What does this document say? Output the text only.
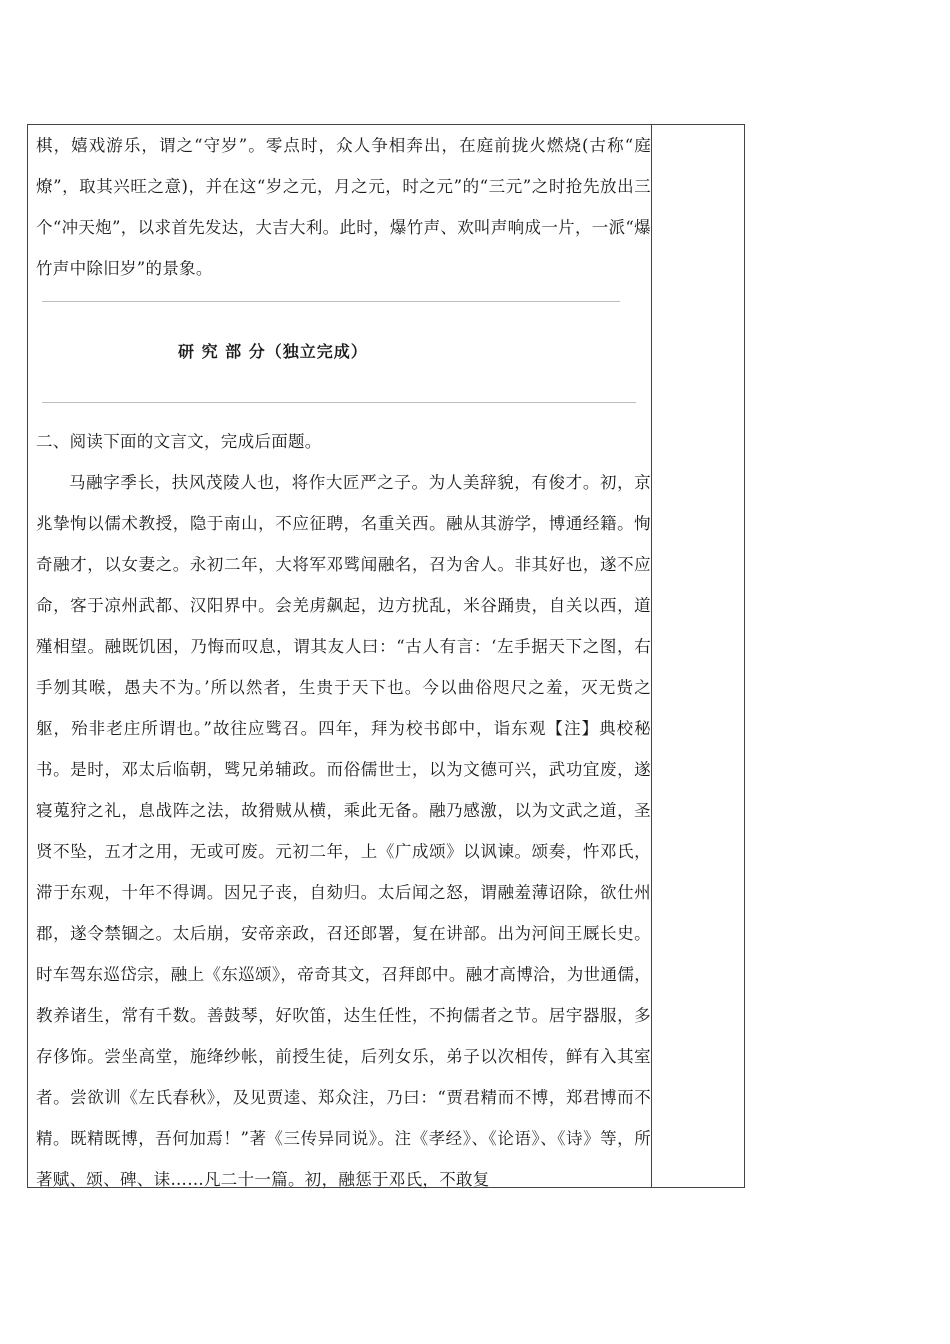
棋，嬉戏游乐，谓之“守岁”。零点时，众人争相奔出，在庭前拢火燃烧(古称“庭燎”，取其兴旺之意)，并在这“岁之元，月之元，时之元”的“三元”之时抢先放出三个“冲天炮”，以求首先发达，大吉大利。此时，爆竹声、欢叫声响成一片，一派“爆竹声中除旧岁”的景象。

研 究 部 分（独立完成）

二、阅读下面的文言文，完成后面题。

马融字季长，扶风茂陵人也，将作大匠严之子。为人美辞貌，有俊才。初，京兆挚恂以儒术教授，隐于南山，不应征聘，名重关西。融从其游学，博通经籍。恂奇融才，以女妻之。永初二年，大将军邓骘闻融名，召为舍人。非其好也，遂不应命，客于凉州武都、汉阳界中。会羌虏飙起，边方扰乱，米谷踊贵，自关以西，道殣相望。融既饥困，乃悔而叹息，谓其友人曰：“古人有言：‘左手据天下之图，右手刎其喉，愚夫不为。’所以然者，生贵于天下也。今以曲俗咫尺之羞，灭无赀之躯，殆非老庄所谓也。”故往应骘召。四年，拜为校书郎中，诣东观【注】典校秘书。是时，邓太后临朝，骘兄弟辅政。而俗儒世士，以为文德可兴，武功宜废，遂寝蒐狩之礼，息战阵之法，故猾贼从横，乘此无备。融乃感激，以为文武之道，圣贤不坠，五才之用，无或可废。元初二年，上《广成颂》以讽谏。颂奏，忤邓氏，滞于东观，十年不得调。因兄子丧，自劾归。太后闻之怒，谓融羞薄诏除，欲仕州郡，遂令禁锢之。太后崩，安帝亲政，召还郎署，复在讲部。出为河间王厩长史。时车驾东巡岱宗，融上《东巡颂》，帝奇其文，召拜郎中。融才高博洽，为世通儒，教养诸生，常有千数。善鼓琴，好吹笛，达生任性，不拘儒者之节。居宇器服，多存侈饰。尝坐高堂，施绛纱帐，前授生徒，后列女乐，弟子以次相传，鲜有入其室者。尝欲训《左氏春秋》，及见贾逵、郑众注，乃曰：“贾君精而不博，郑君博而不精。既精既博，吾何加焉！”著《三传异同说》。注《孝经》、《论语》、《诗》等，所著赋、颂、碑、诔……凡二十一篇。初，融惩于邓氏，不敢复
